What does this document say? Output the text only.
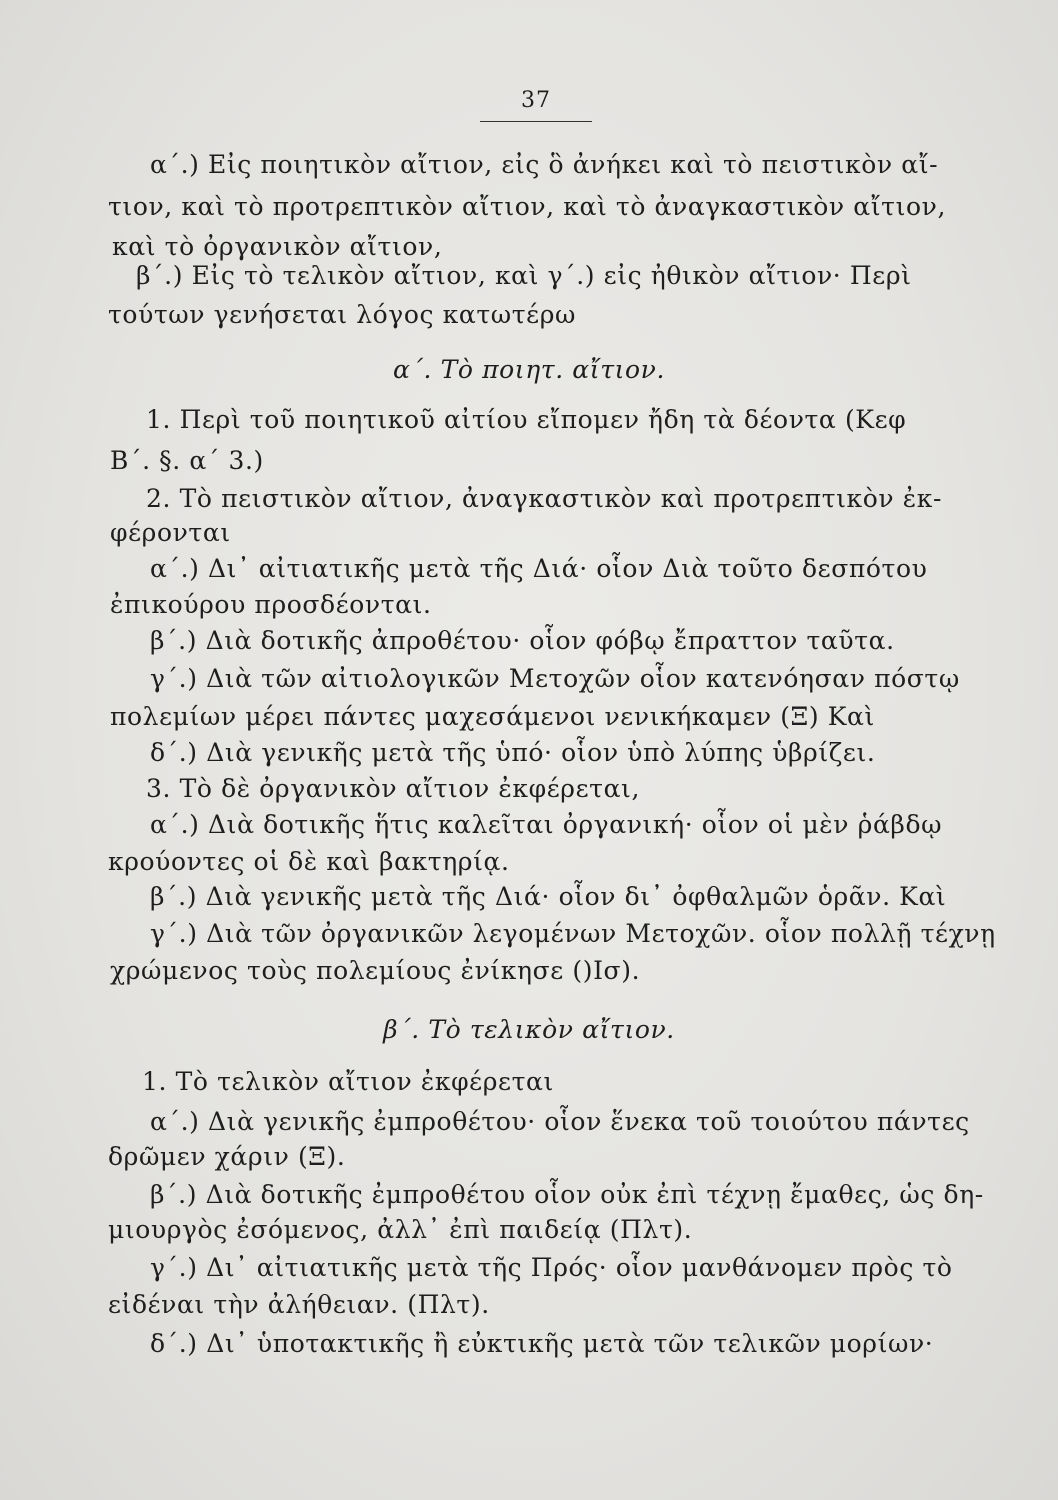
37
α΄.) Εἰς ποιητικὸν αἴτιον, εἰς ὃ ἀνήκει καὶ τὸ πειστικὸν αἴ-
τιον, καὶ τὸ προτρεπτικὸν αἴτιον, καὶ τὸ ἀναγκαστικὸν αἴτιον,
καὶ τὸ ὀργανικὸν αἴτιον,
β΄.) Εἰς τὸ τελικὸν αἴτιον, καὶ γ΄.) εἰς ἠθικὸν αἴτιον· Περὶ
τούτων γενήσεται λόγος κατωτέρω
α΄. Τὸ ποιητ. αἴτιον.
1. Περὶ τοῦ ποιητικοῦ αἰτίου εἴπομεν ἤδη τὰ δέοντα (Κεφ
Β΄. §. α΄ 3.)
2. Τὸ πειστικὸν αἴτιον, ἀναγκαστικὸν καὶ προτρεπτικὸν ἐκ-
φέρονται
α΄.) Δι᾽ αἰτιατικῆς μετὰ τῆς Διά· οἷον Διὰ τοῦτο δεσπότου
ἐπικούρου προσδέονται.
β΄.) Διὰ δοτικῆς ἀπροθέτου· οἷον φόβῳ ἔπραττον ταῦτα.
γ΄.) Διὰ τῶν αἰτιολογικῶν Μετοχῶν οἷον κατενόησαν πόστῳ
πολεμίων μέρει πάντες μαχεσάμενοι νενικήκαμεν (Ξ) Καὶ
δ΄.) Διὰ γενικῆς μετὰ τῆς ὑπό· οἷον ὑπὸ λύπης ὑβρίζει.
3. Τὸ δὲ ὀργανικὸν αἴτιον ἐκφέρεται,
α΄.) Διὰ δοτικῆς ἥτις καλεῖται ὀργανική· οἷον οἱ μὲν ῥάβδῳ
κρούοντες οἱ δὲ καὶ βακτηρίᾳ.
β΄.) Διὰ γενικῆς μετὰ τῆς Διά· οἷον δι᾽ ὀφθαλμῶν ὁρᾶν. Καὶ
γ΄.) Διὰ τῶν ὀργανικῶν λεγομένων Μετοχῶν. οἷον πολλῇ τέχνῃ
χρώμενος τοὺς πολεμίους ἐνίκησε ()Ισ).
β΄. Τὸ τελικὸν αἴτιον.
1. Τὸ τελικὸν αἴτιον ἐκφέρεται
α΄.) Διὰ γενικῆς ἐμπροθέτου· οἷον ἕνεκα τοῦ τοιούτου πάντες
δρῶμεν χάριν (Ξ).
β΄.) Διὰ δοτικῆς ἐμπροθέτου οἷον οὐκ ἐπὶ τέχνῃ ἔμαθες, ὡς δη-
μιουργὸς ἐσόμενος, ἀλλ᾽ ἐπὶ παιδείᾳ (Πλτ).
γ΄.) Δι᾽ αἰτιατικῆς μετὰ τῆς Πρός· οἷον μανθάνομεν πρὸς τὸ
εἰδέναι τὴν ἀλήθειαν. (Πλτ).
δ΄.) Δι᾽ ὑποτακτικῆς ἢ εὐκτικῆς μετὰ τῶν τελικῶν μορίων·
